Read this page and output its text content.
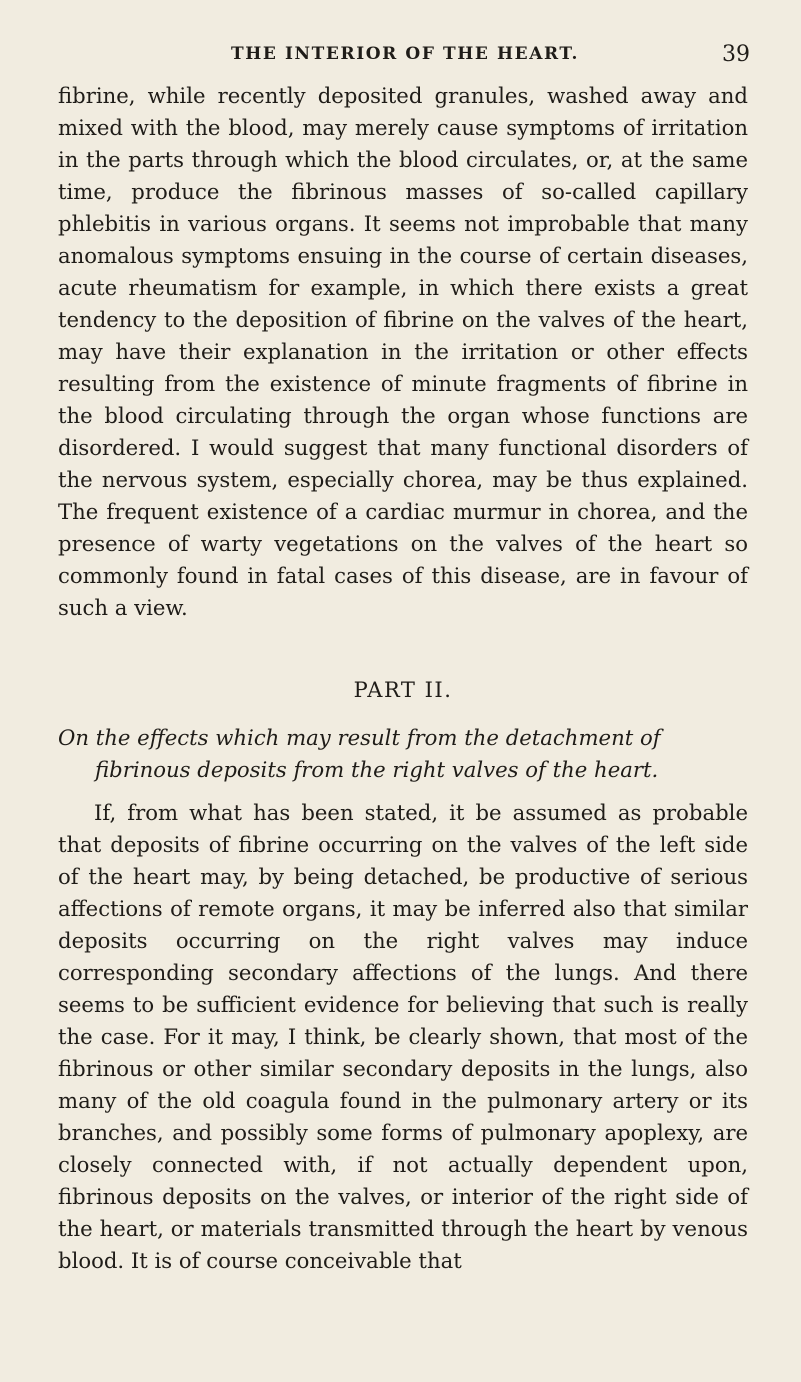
THE INTERIOR OF THE HEART.	39

fibrine, while recently deposited granules, washed away and mixed with the blood, may merely cause symptoms of irritation in the parts through which the blood circulates, or, at the same time, produce the fibrinous masses of so-called capillary phlebitis in various organs. It seems not improbable that many anomalous symptoms ensuing in the course of certain diseases, acute rheumatism for example, in which there exists a great tendency to the deposition of fibrine on the valves of the heart, may have their explanation in the irritation or other effects resulting from the existence of minute fragments of fibrine in the blood circulating through the organ whose functions are disordered. I would suggest that many functional disorders of the nervous system, especially chorea, may be thus explained. The frequent existence of a cardiac murmur in chorea, and the presence of warty vegetations on the valves of the heart so commonly found in fatal cases of this disease, are in favour of such a view.

PART II.

On the effects which may result from the detachment of
fibrinous deposits from the right valves of the heart.

If, from what has been stated, it be assumed as probable that deposits of fibrine occurring on the valves of the left side of the heart may, by being detached, be productive of serious affections of remote organs, it may be inferred also that similar deposits occurring on the right valves may induce corresponding secondary affections of the lungs. And there seems to be sufficient evidence for believing that such is really the case. For it may, I think, be clearly shown, that most of the fibrinous or other similar secondary deposits in the lungs, also many of the old coagula found in the pulmonary artery or its branches, and possibly some forms of pulmonary apoplexy, are closely connected with, if not actually dependent upon, fibrinous deposits on the valves, or interior of the right side of the heart, or materials transmitted through the heart by venous blood. It is of course conceivable that
